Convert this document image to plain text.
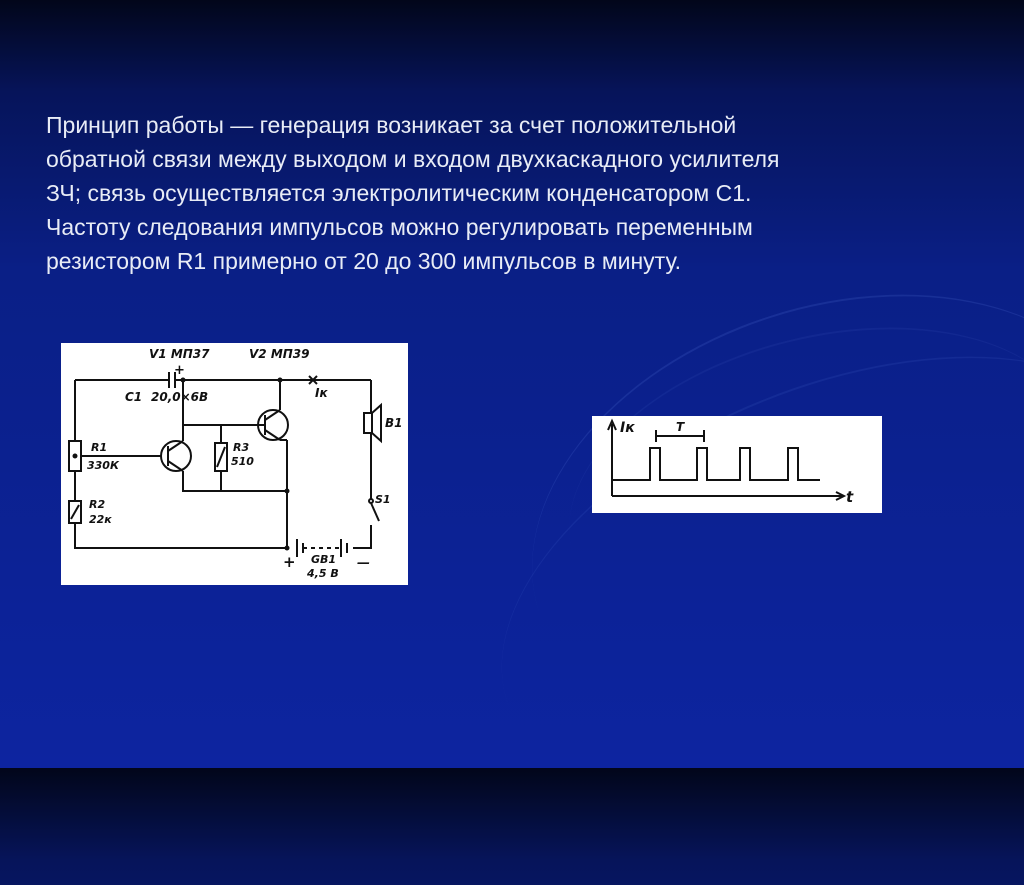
Принцип работы — генерация возникает за счет положительной
обратной связи между выходом и входом двухкаскадного усилителя
ЗЧ; связь осуществляется электролитическим конденсатором С1.
Частоту следования импульсов можно регулировать переменным
резистором R1 примерно от 20 до 300 импульсов в минуту.
V1 МП37	V2 МП39
+
C1 20,0×6В	Iк
R1
330К
R2
22к
R3
510
В1
S1
GB1
4,5 В
+	—
Iк
t
T
